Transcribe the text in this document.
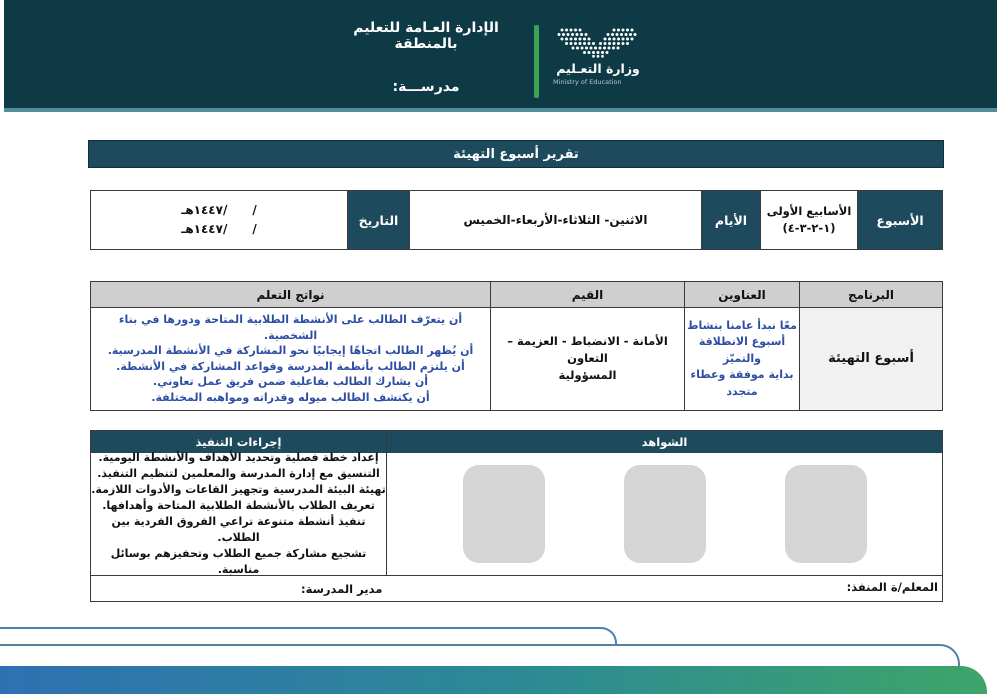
الإدارة العـامة للتعليم بالمنطقة
مدرســـة:
وزارة التعـليم
Ministry of Education
تقرير أسبوع التهيئة
الأسبوع
الأسابيع الأولى
(١-٢-٣-٤)
الأيام
الاثنين- الثلاثاء-الأربعاء-الخميس
التاريخ
/      /١٤٤٧هـ
/      /١٤٤٧هـ
البرنامج
العناوين
القيم
نواتج التعلم
أسبوع التهيئة
معًا نبدأ عامنا بنشاط
أسبوع الانطلاقة والتميّز
بداية موفقة وعطاء متجدد
الأمانة - الانضباط - العزيمة – التعاون
المسؤولية
أن يتعرّف الطالب على الأنشطة الطلابية المتاحة ودورها في بناء الشخصية.
أن يُظهر الطالب اتجاهًا إيجابيًا نحو المشاركة في الأنشطة المدرسية.
أن يلتزم الطالب بأنظمة المدرسة وقواعد المشاركة في الأنشطة.
أن يشارك الطالب بفاعلية ضمن فريق عمل تعاوني.
أن يكتشف الطالب ميوله وقدراته ومواهبه المختلفة.
الشواهد
إجراءات التنفيذ
إعداد خطة فصلية وتحديد الأهداف والأنشطة اليومية.
التنسيق مع إدارة المدرسة والمعلمين لتنظيم التنفيذ.
تهيئة البيئة المدرسية وتجهيز القاعات والأدوات اللازمة.
تعريف الطلاب بالأنشطة الطلابية المتاحة وأهدافها.
تنفيذ أنشطة متنوعة تراعي الفروق الفردية بين الطلاب.
تشجيع مشاركة جميع الطلاب وتحفيزهم بوسائل مناسبة.
المعلم/ة المنفذ:
مدير المدرسة:
